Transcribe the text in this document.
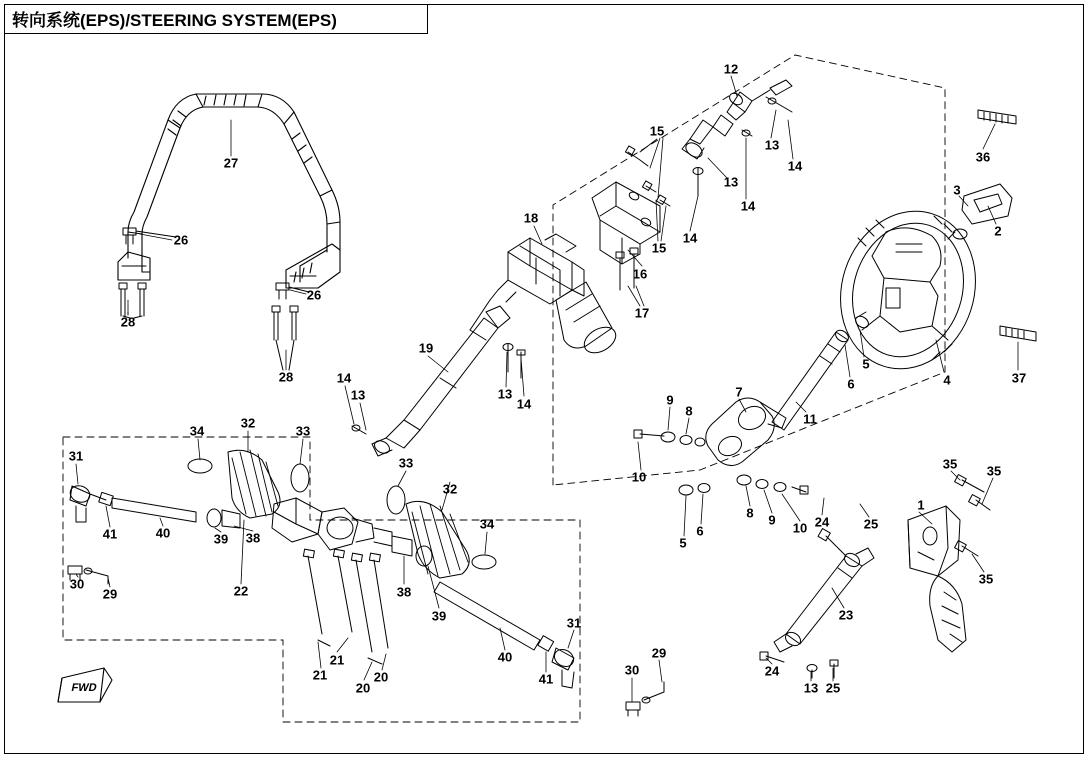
转向系统(EPS)/STEERING SYSTEM(EPS)
FWD
27
26
28
26
28
12
15
13
14
13
14
15
16
14
17
18
36
3
2
37
4
5
6
11
7
9
8
10
5
6
8 9
10 24	25
1
35 35
35
23
24
13 25
19
14
13	13
14
34
32
33
31
41	40	39 38
22
30
29
33
32
34
38
39
21
21
20
20
40
41
31
30
29
